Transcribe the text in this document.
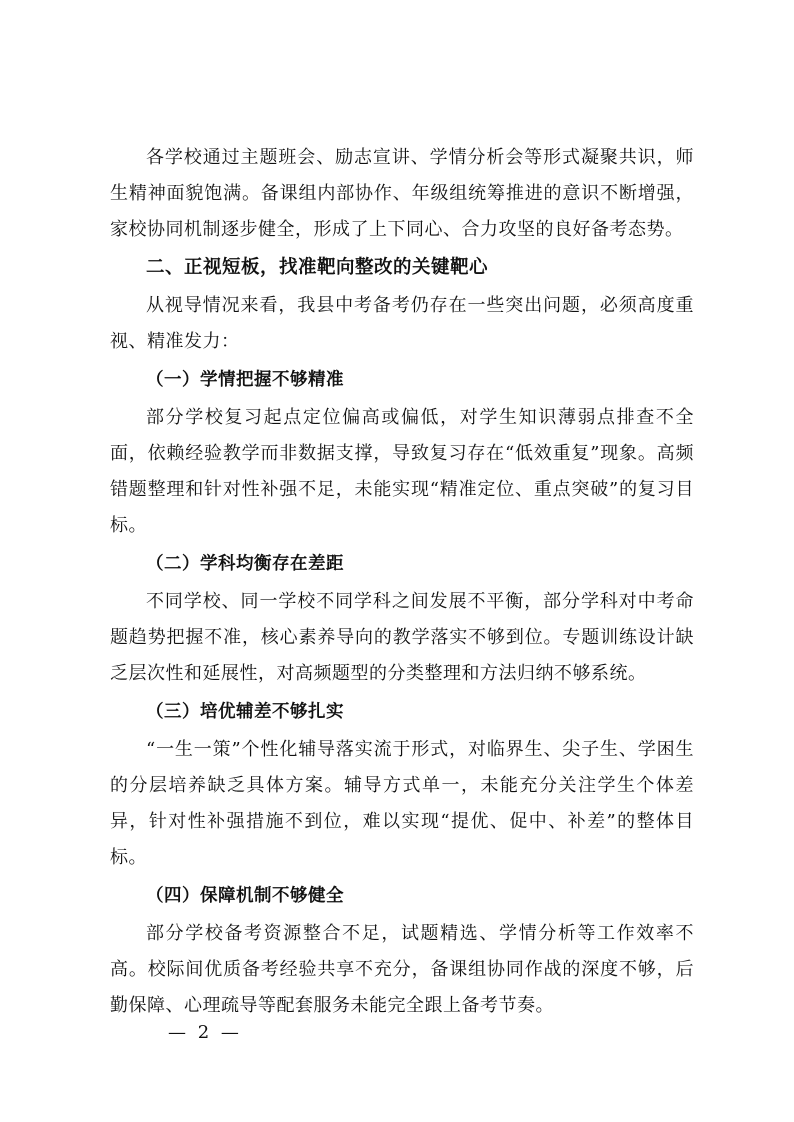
各学校通过主题班会、励志宣讲、学情分析会等形式凝聚共识，师生精神面貌饱满。备课组内部协作、年级组统筹推进的意识不断增强，家校协同机制逐步健全，形成了上下同心、合力攻坚的良好备考态势。

二、正视短板，找准靶向整改的关键靶心

从视导情况来看，我县中考备考仍存在一些突出问题，必须高度重视、精准发力：

（一）学情把握不够精准

部分学校复习起点定位偏高或偏低，对学生知识薄弱点排查不全面，依赖经验教学而非数据支撑，导致复习存在“低效重复”现象。高频错题整理和针对性补强不足，未能实现“精准定位、重点突破”的复习目标。

（二）学科均衡存在差距

不同学校、同一学校不同学科之间发展不平衡，部分学科对中考命题趋势把握不准，核心素养导向的教学落实不够到位。专题训练设计缺乏层次性和延展性，对高频题型的分类整理和方法归纳不够系统。

（三）培优辅差不够扎实

“一生一策”个性化辅导落实流于形式，对临界生、尖子生、学困生的分层培养缺乏具体方案。辅导方式单一，未能充分关注学生个体差异，针对性补强措施不到位，难以实现“提优、促中、补差”的整体目标。

（四）保障机制不够健全

部分学校备考资源整合不足，试题精选、学情分析等工作效率不高。校际间优质备考经验共享不充分，备课组协同作战的深度不够，后勤保障、心理疏导等配套服务未能完全跟上备考节奏。

— 2 —
